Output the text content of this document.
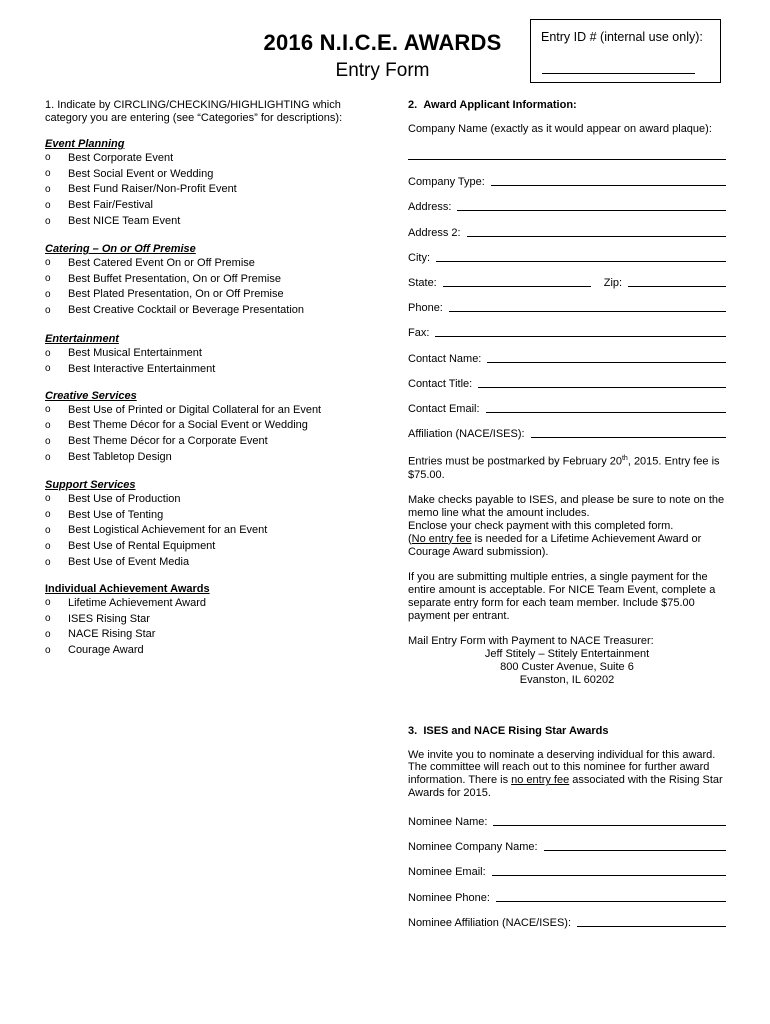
2016 N.I.C.E. AWARDS
Entry Form
Entry ID # (internal use only):
1. Indicate by CIRCLING/CHECKING/HIGHLIGHTING which
category you are entering (see “Categories” for descriptions):
Event Planning
o	Best Corporate Event
o	Best Social Event or Wedding
o	Best Fund Raiser/Non-Profit Event
o	Best Fair/Festival
o	Best NICE Team Event
Catering – On or Off Premise
o	Best Catered Event On or Off Premise
o	Best Buffet Presentation, On or Off Premise
o	Best Plated Presentation, On or Off Premise
o	Best Creative Cocktail or Beverage Presentation
Entertainment
o	Best Musical Entertainment
o	Best Interactive Entertainment
Creative Services
o	Best Use of Printed or Digital Collateral for an Event
o	Best Theme Décor for a Social Event or Wedding
o	Best Theme Décor for a Corporate Event
o	Best Tabletop Design
Support Services
o	Best Use of Production
o	Best Use of Tenting
o	Best Logistical Achievement for an Event
o	Best Use of Rental Equipment
o	Best Use of Event Media
Individual Achievement Awards
o	Lifetime Achievement Award
o	ISES Rising Star
o	NACE Rising Star
o	Courage Award
2. Award Applicant Information:
Company Name (exactly as it would appear on award plaque):
Company Type:
Address:
Address 2:
City:
State:	Zip:
Phone:
Fax:
Contact Name:
Contact Title:
Contact Email:
Affiliation (NACE/ISES):
Entries must be postmarked by February 20th, 2015. Entry fee is
$75.00.
Make checks payable to ISES, and please be sure to note on the
memo line what the amount includes.
Enclose your check payment with this completed form.
(No entry fee is needed for a Lifetime Achievement Award or
Courage Award submission).
If you are submitting multiple entries, a single payment for the
entire amount is acceptable. For NICE Team Event, complete a
separate entry form for each team member. Include $75.00
payment per entrant.
Mail Entry Form with Payment to NACE Treasurer:
Jeff Stitely – Stitely Entertainment
800 Custer Avenue, Suite 6
Evanston, IL 60202
3. ISES and NACE Rising Star Awards
We invite you to nominate a deserving individual for this award.
The committee will reach out to this nominee for further award
information. There is no entry fee associated with the Rising Star
Awards for 2015.
Nominee Name:
Nominee Company Name:
Nominee Email:
Nominee Phone:
Nominee Affiliation (NACE/ISES):
